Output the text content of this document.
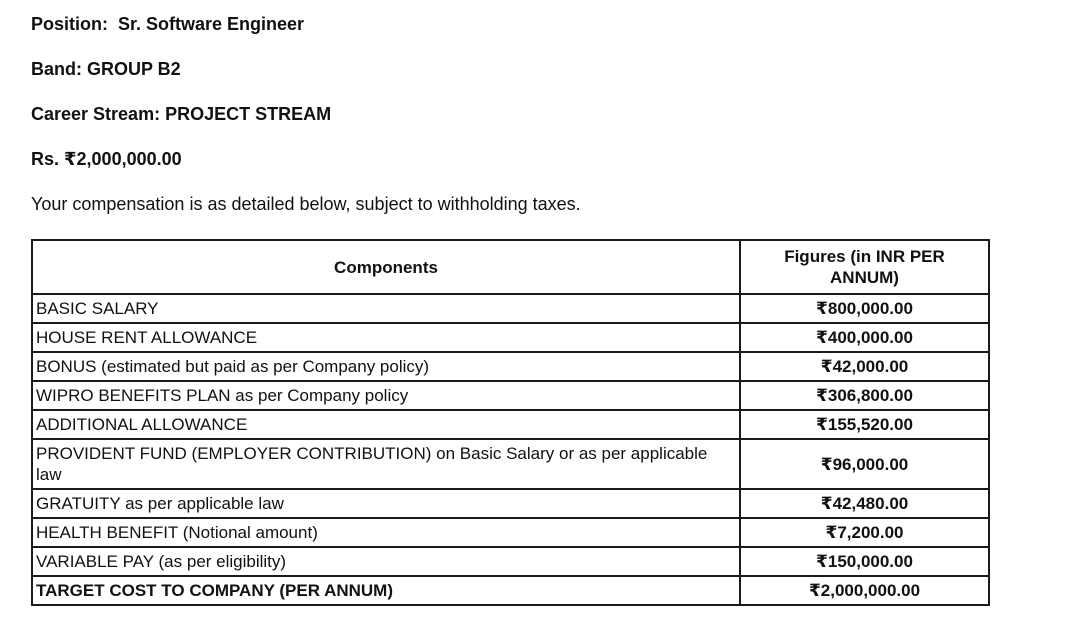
Position:  Sr. Software Engineer

Band: GROUP B2

Career Stream: PROJECT STREAM

Rs. ₹2,000,000.00

Your compensation is as detailed below, subject to withholding taxes.

Components	Figures (in INR PER ANNUM)

BASIC SALARY	₹800,000.00
HOUSE RENT ALLOWANCE	₹400,000.00
BONUS (estimated but paid as per Company policy)	₹42,000.00
WIPRO BENEFITS PLAN as per Company policy	₹306,800.00
ADDITIONAL ALLOWANCE	₹155,520.00
PROVIDENT FUND (EMPLOYER CONTRIBUTION) on Basic Salary or as per applicable law	₹96,000.00
GRATUITY as per applicable law	₹42,480.00
HEALTH BENEFIT (Notional amount)	₹7,200.00
VARIABLE PAY (as per eligibility)	₹150,000.00
TARGET COST TO COMPANY (PER ANNUM)	₹2,000,000.00
